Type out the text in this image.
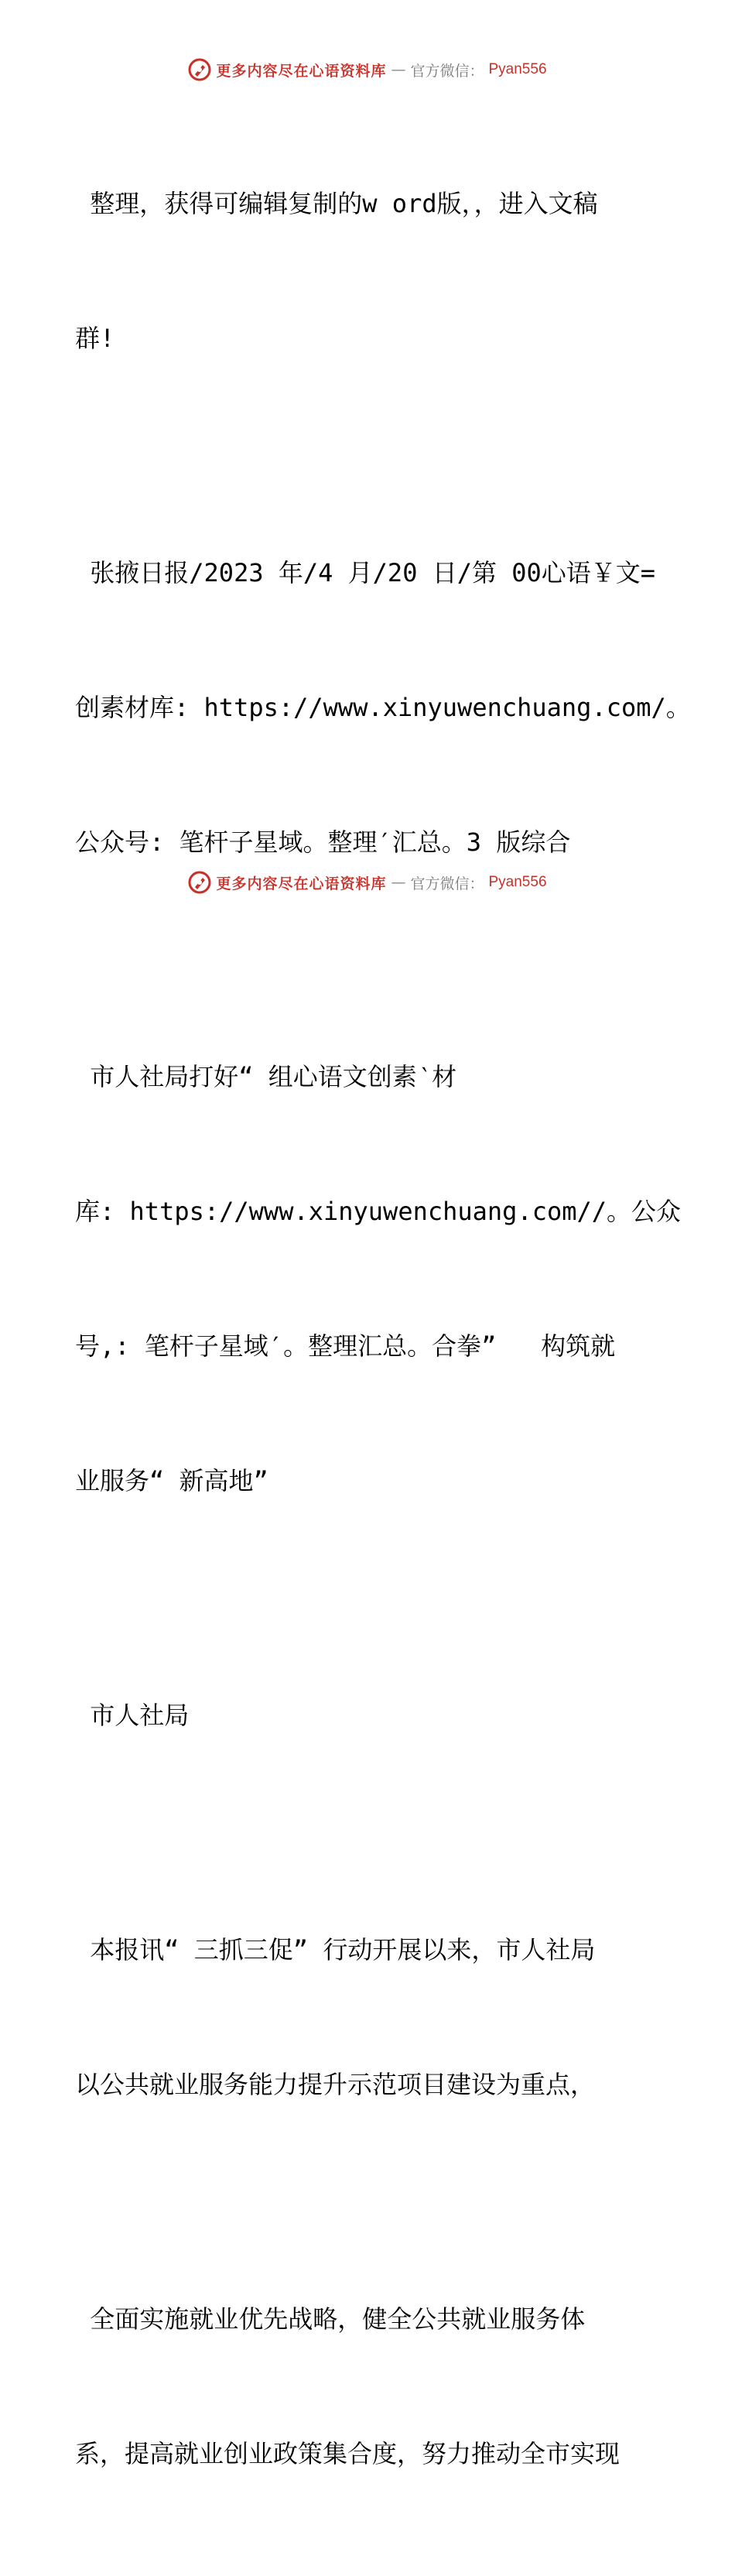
更多内容尽在心语资料库 — 官方微信： Pyan556

整理，获得可编辑复制的w ord版，，进入文稿

群!

张掖日报/2023 年/4 月/20 日/第 00心语￥文=

创素材库: https://www.xinyuwenchuang.com/。

公众号: 笔杆子星域。整理′汇总。3 版综合

市人社局打好“ 组心语文创素‵材

库: https://www.xinyuwenchuang.com//。公众

号,: 笔杆子星域′。整理汇总。合拳”   构筑就

业服务“ 新高地”

市人社局

本报讯“ 三抓三促” 行动开展以来，市人社局

以公共就业服务能力提升示范项目建设为重点，

全面实施就业优先战略，健全公共就业服务体

系，提高就业创业政策集合度，努力推动全市实现

更多内容尽在心语资料库 — 官方微信： Pyan556
